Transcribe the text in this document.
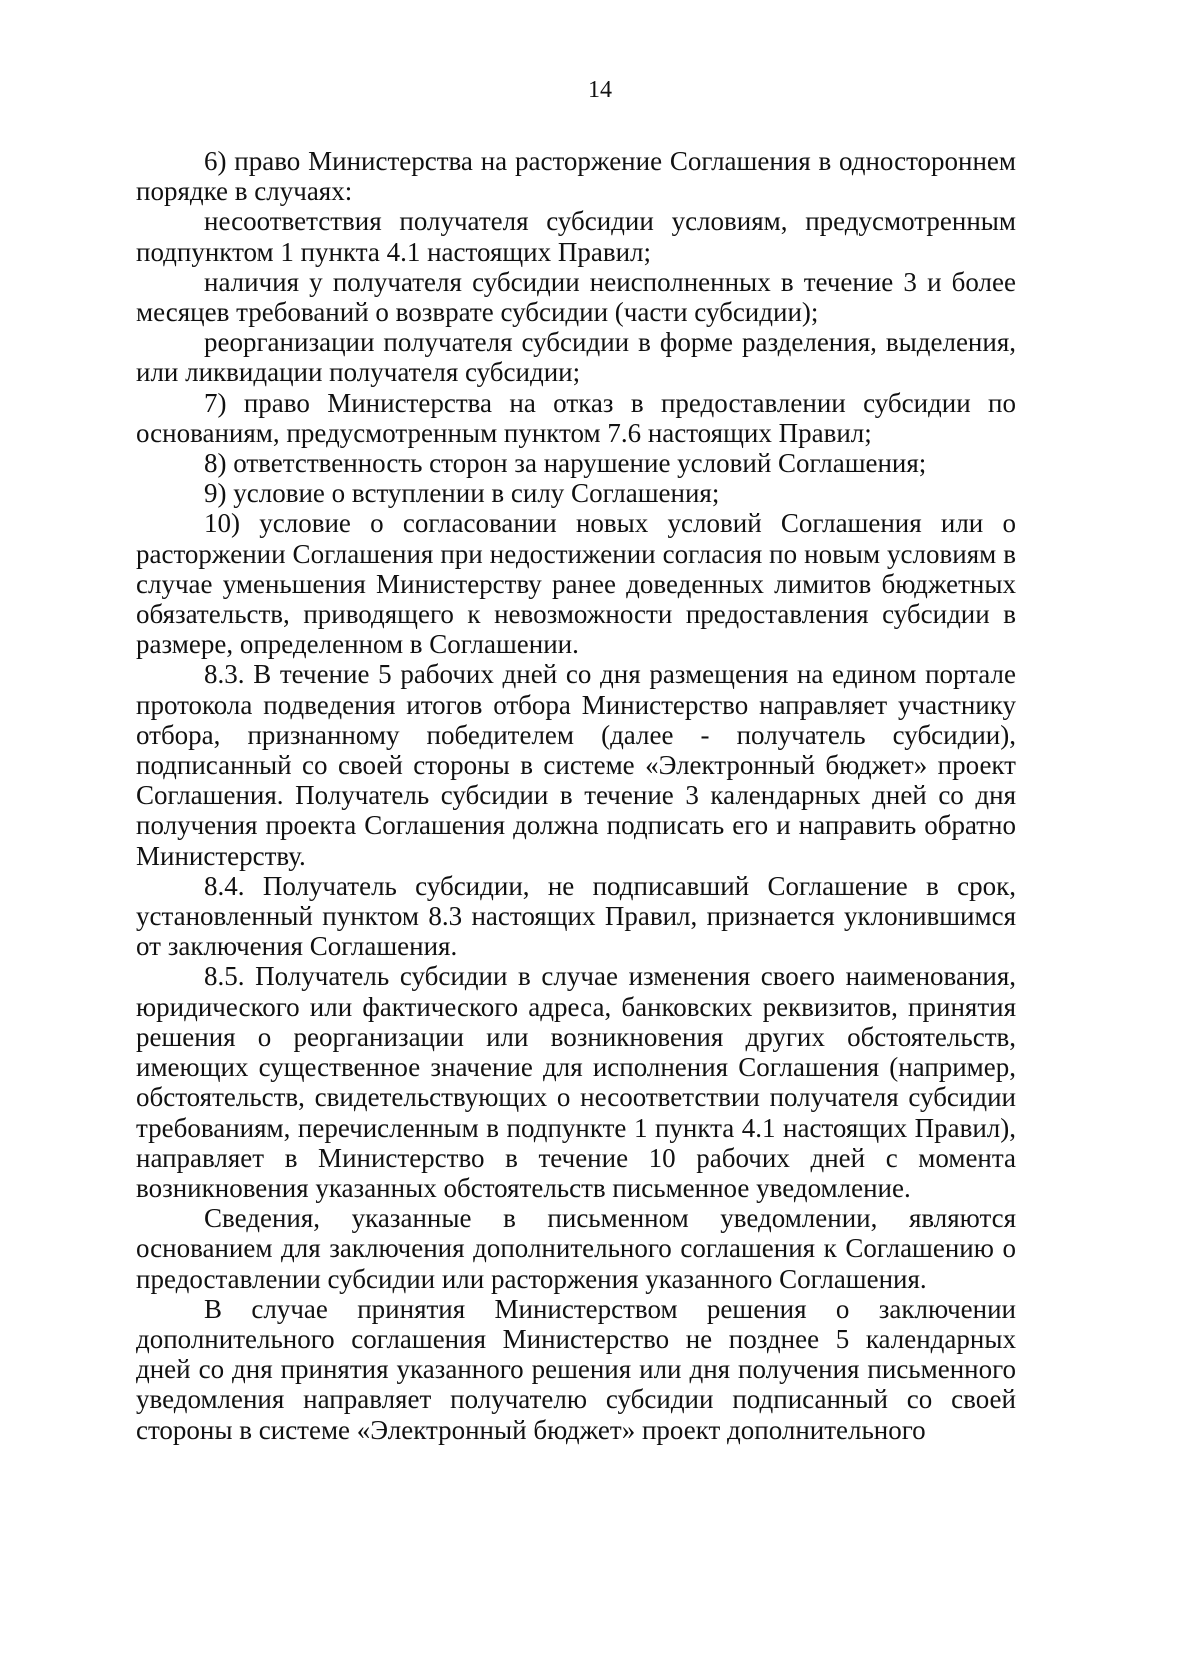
14

6) право Министерства на расторжение Соглашения в одностороннем порядке в случаях:

несоответствия получателя субсидии условиям, предусмотренным подпунктом 1 пункта 4.1 настоящих Правил;

наличия у получателя субсидии неисполненных в течение 3 и более месяцев требований о возврате субсидии (части субсидии);

реорганизации получателя субсидии в форме разделения, выделения, или ликвидации получателя субсидии;

7) право Министерства на отказ в предоставлении субсидии по основаниям, предусмотренным пунктом 7.6 настоящих Правил;

8) ответственность сторон за нарушение условий Соглашения;

9) условие о вступлении в силу Соглашения;

10) условие о согласовании новых условий Соглашения или о расторжении Соглашения при недостижении согласия по новым условиям в случае уменьшения Министерству ранее доведенных лимитов бюджетных обязательств, приводящего к невозможности предоставления субсидии в размере, определенном в Соглашении.

8.3. В течение 5 рабочих дней со дня размещения на едином портале протокола подведения итогов отбора Министерство направляет участнику отбора, признанному победителем (далее - получатель субсидии), подписанный со своей стороны в системе «Электронный бюджет» проект Соглашения. Получатель субсидии в течение 3 календарных дней со дня получения проекта Соглашения должна подписать его и направить обратно Министерству.

8.4. Получатель субсидии, не подписавший Соглашение в срок, установленный пунктом 8.3 настоящих Правил, признается уклонившимся от заключения Соглашения.

8.5. Получатель субсидии в случае изменения своего наименования, юридического или фактического адреса, банковских реквизитов, принятия решения о реорганизации или возникновения других обстоятельств, имеющих существенное значение для исполнения Соглашения (например, обстоятельств, свидетельствующих о несоответствии получателя субсидии требованиям, перечисленным в подпункте 1 пункта 4.1 настоящих Правил), направляет в Министерство в течение 10 рабочих дней с момента возникновения указанных обстоятельств письменное уведомление.

Сведения, указанные в письменном уведомлении, являются основанием для заключения дополнительного соглашения к Соглашению о предоставлении субсидии или расторжения указанного Соглашения.

В случае принятия Министерством решения о заключении дополнительного соглашения Министерство не позднее 5 календарных дней со дня принятия указанного решения или дня получения письменного уведомления направляет получателю субсидии подписанный со своей стороны в системе «Электронный бюджет» проект дополнительного
